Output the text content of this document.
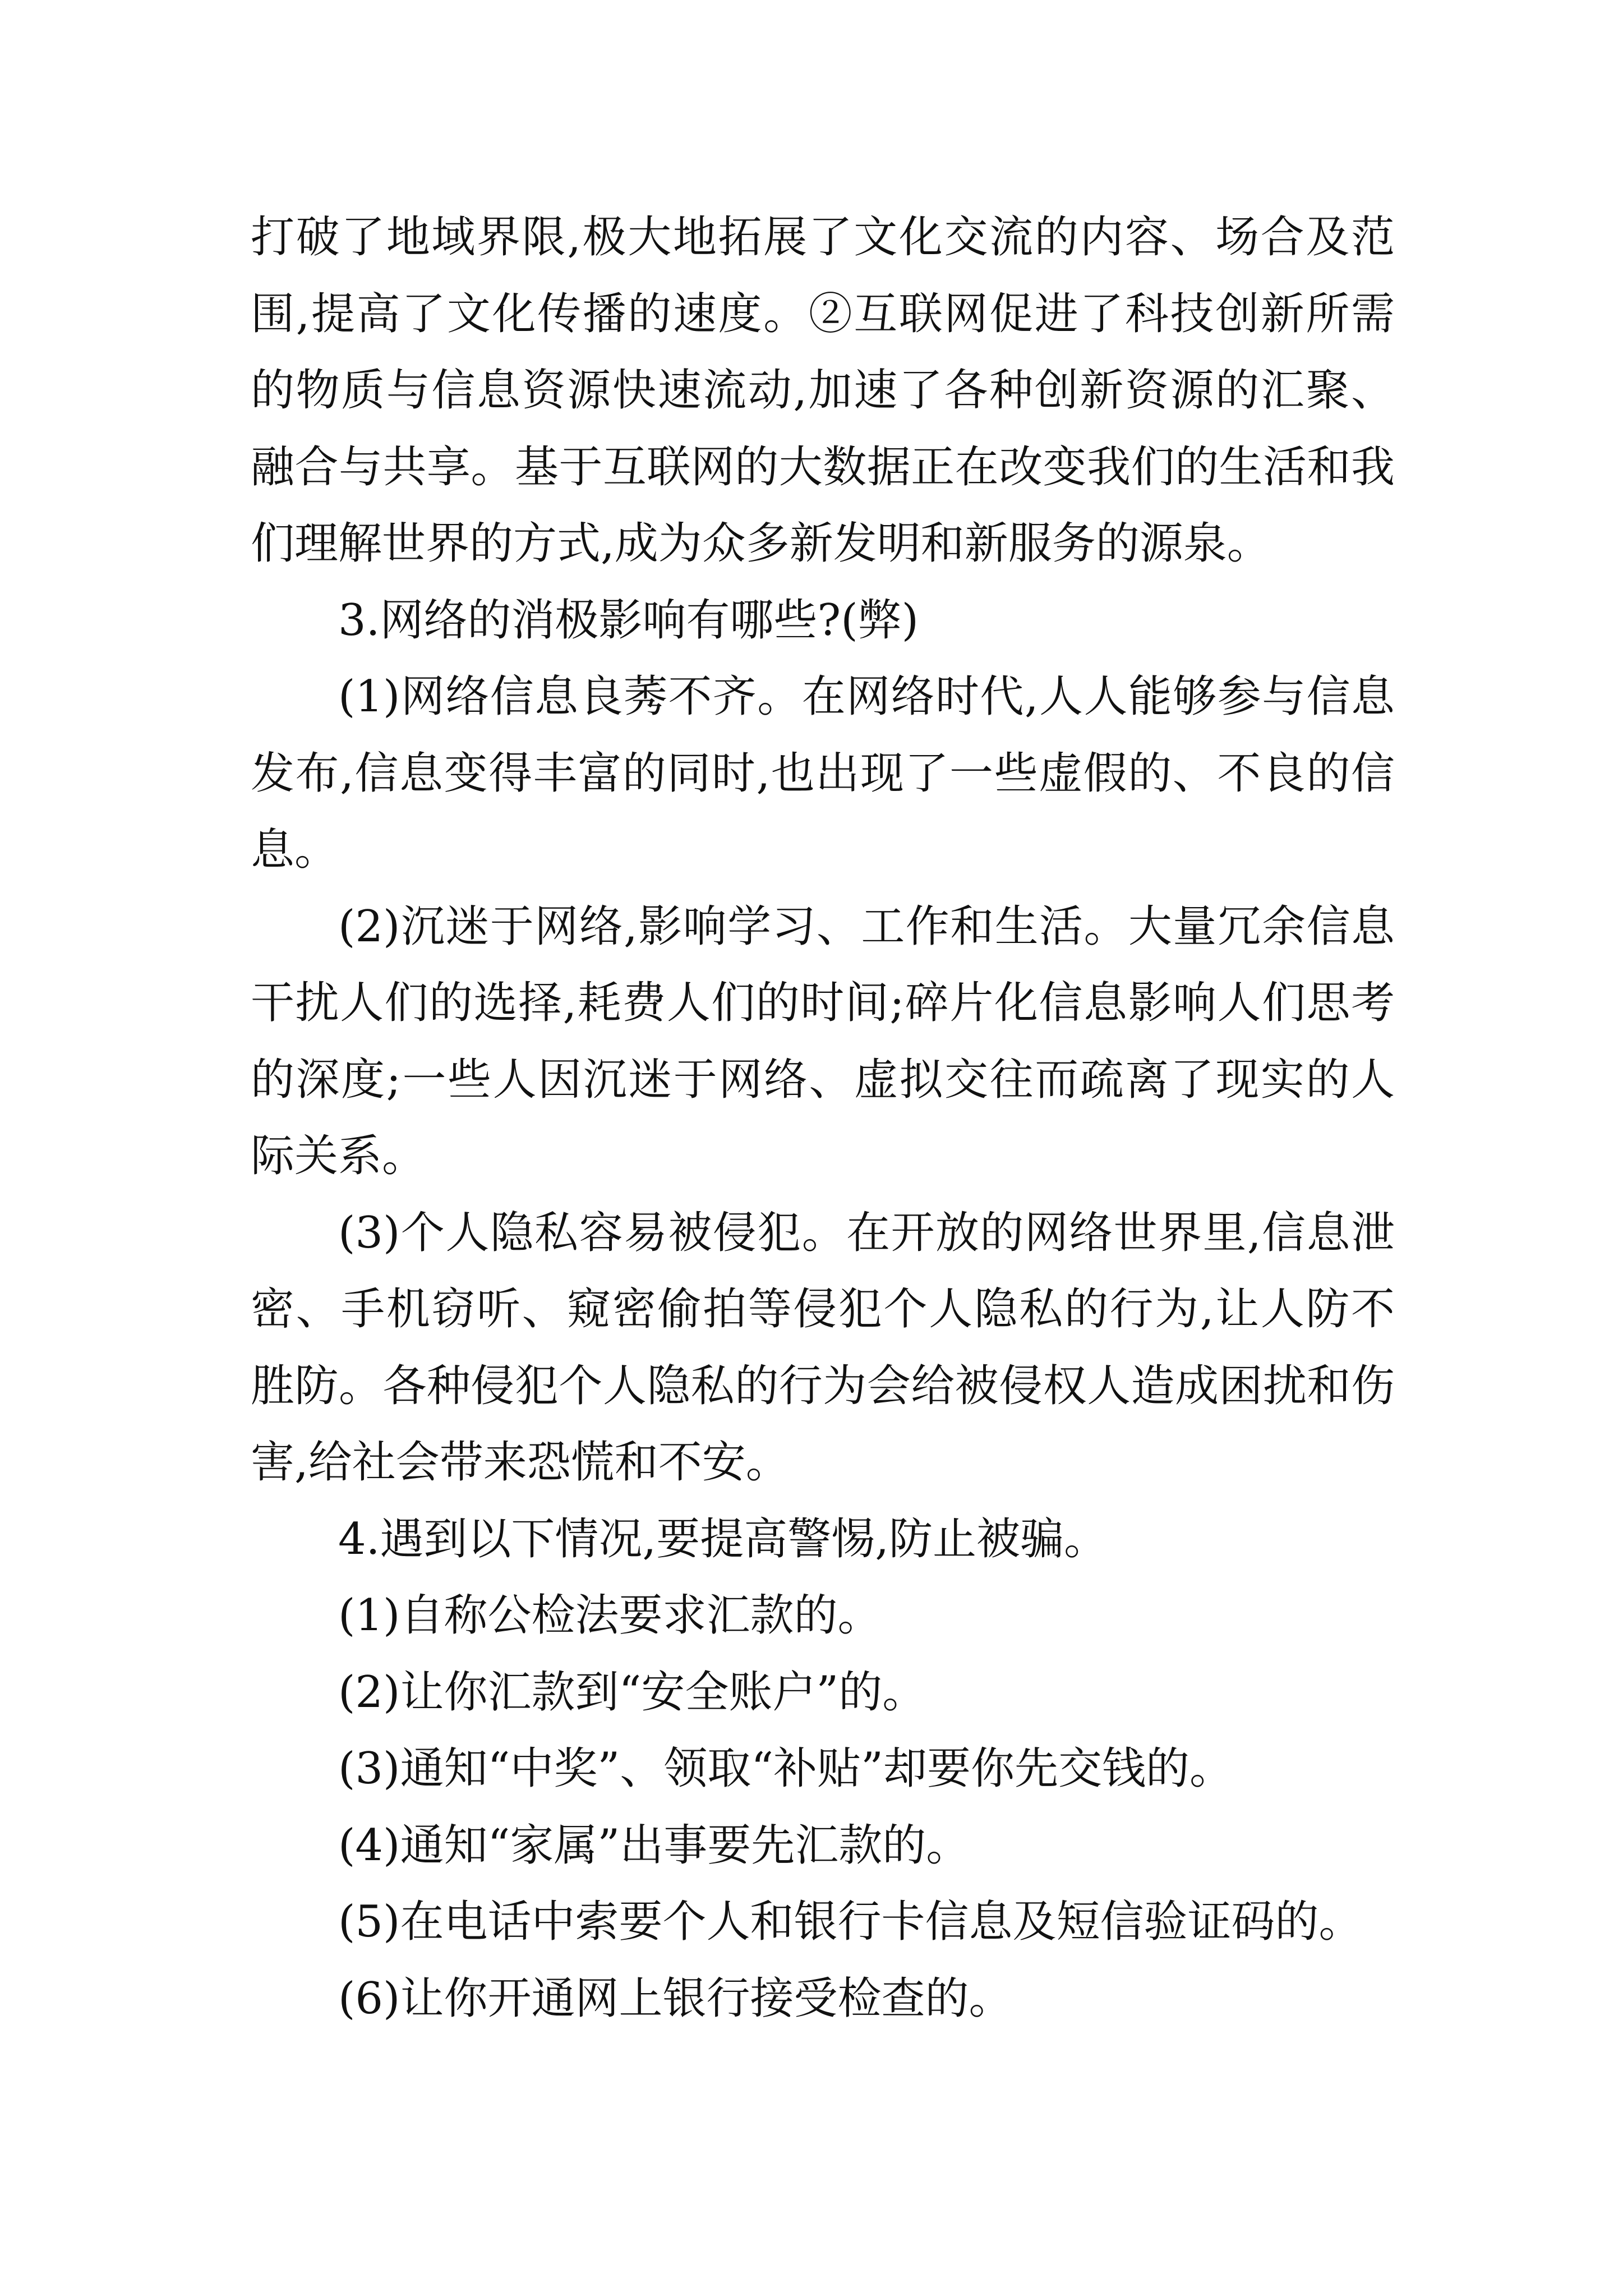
打破了地域界限,极大地拓展了文化交流的内容、场合及范围,提高了文化传播的速度。②互联网促进了科技创新所需的物质与信息资源快速流动,加速了各种创新资源的汇聚、融合与共享。基于互联网的大数据正在改变我们的生活和我们理解世界的方式,成为众多新发明和新服务的源泉。

3.网络的消极影响有哪些?(弊)

(1)网络信息良莠不齐。在网络时代,人人能够参与信息发布,信息变得丰富的同时,也出现了一些虚假的、不良的信息。

(2)沉迷于网络,影响学习、工作和生活。大量冗余信息干扰人们的选择,耗费人们的时间;碎片化信息影响人们思考的深度;一些人因沉迷于网络、虚拟交往而疏离了现实的人际关系。

(3)个人隐私容易被侵犯。在开放的网络世界里,信息泄密、手机窃听、窥密偷拍等侵犯个人隐私的行为,让人防不胜防。各种侵犯个人隐私的行为会给被侵权人造成困扰和伤害,给社会带来恐慌和不安。

4.遇到以下情况,要提高警惕,防止被骗。

(1)自称公检法要求汇款的。

(2)让你汇款到“安全账户”的。

(3)通知“中奖”、领取“补贴”却要你先交钱的。

(4)通知“家属”出事要先汇款的。

(5)在电话中索要个人和银行卡信息及短信验证码的。

(6)让你开通网上银行接受检查的。
